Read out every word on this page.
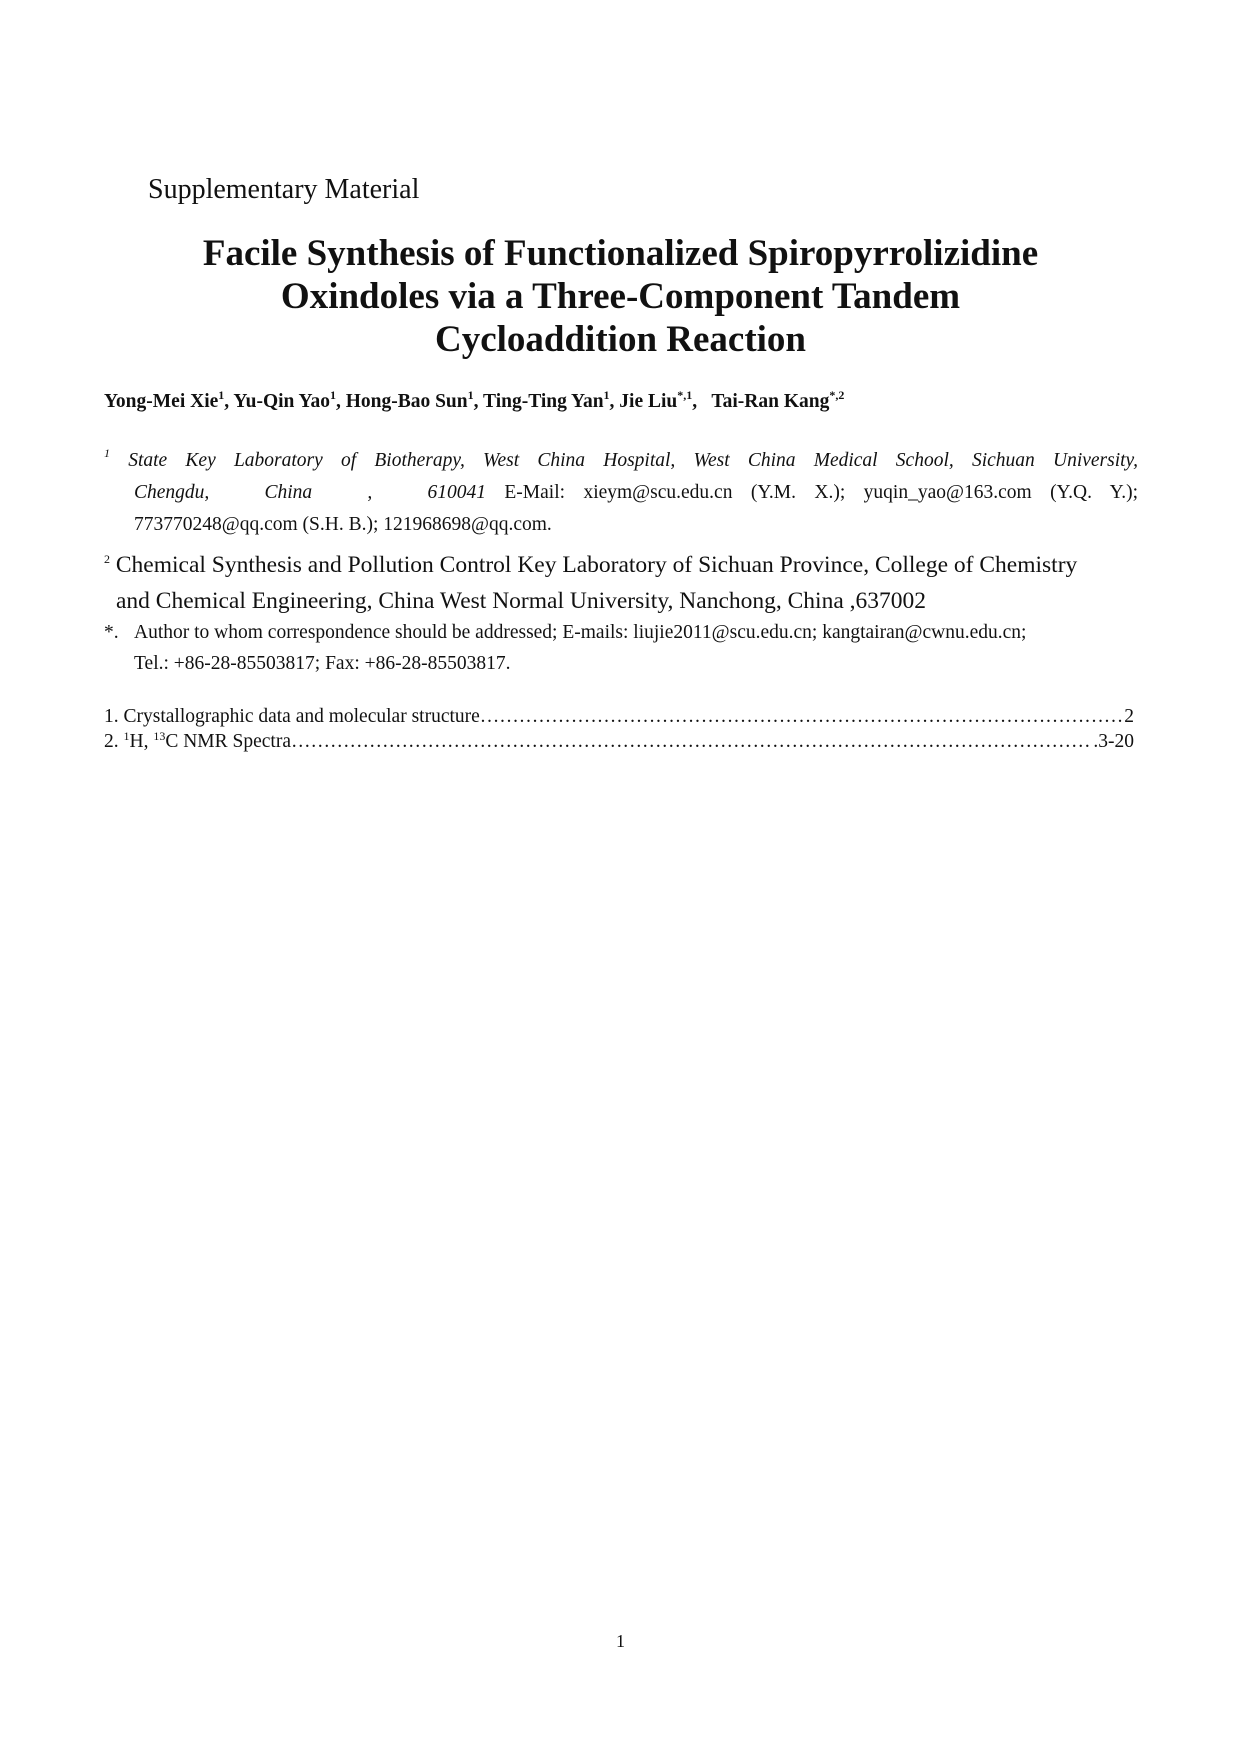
Supplementary Material
Facile Synthesis of Functionalized Spiropyrrolizidine
Oxindoles via a Three-Component Tandem
Cycloaddition Reaction
Yong-Mei Xie$^1$, Yu-Qin Yao$^1$, Hong-Bao Sun$^1$, Ting-Ting Yan$^1$, Jie Liu$^{*,1}$,   Tai-Ran Kang$^{*,2}$
$^1$ State Key Laboratory of Biotherapy, West China Hospital, West China Medical School, Sichuan University,
Chengdu,   China   ,   610041 E-Mail: xieym@scu.edu.cn (Y.M. X.); yuqin_yao@163.com (Y.Q. Y.);
773770248@qq.com (S.H. B.); 121968698@qq.com.
$^2$ Chemical Synthesis and Pollution Control Key Laboratory of Sichuan Province, College of Chemistry
and Chemical Engineering, China West Normal University, Nanchong, China ,637002
*. Author to whom correspondence should be addressed; E-mails: liujie2011@scu.edu.cn; kangtairan@cwnu.edu.cn;
Tel.: +86-28-85503817; Fax: +86-28-85503817.
1. Crystallographic data and molecular structure …………………………………………………………………………………………………………………………………………………………………………………	2
2. $^1$H, $^{13}$C NMR Spectra …………………………………………………………………………………………………………………………………………………………………………………	.3-20
1
